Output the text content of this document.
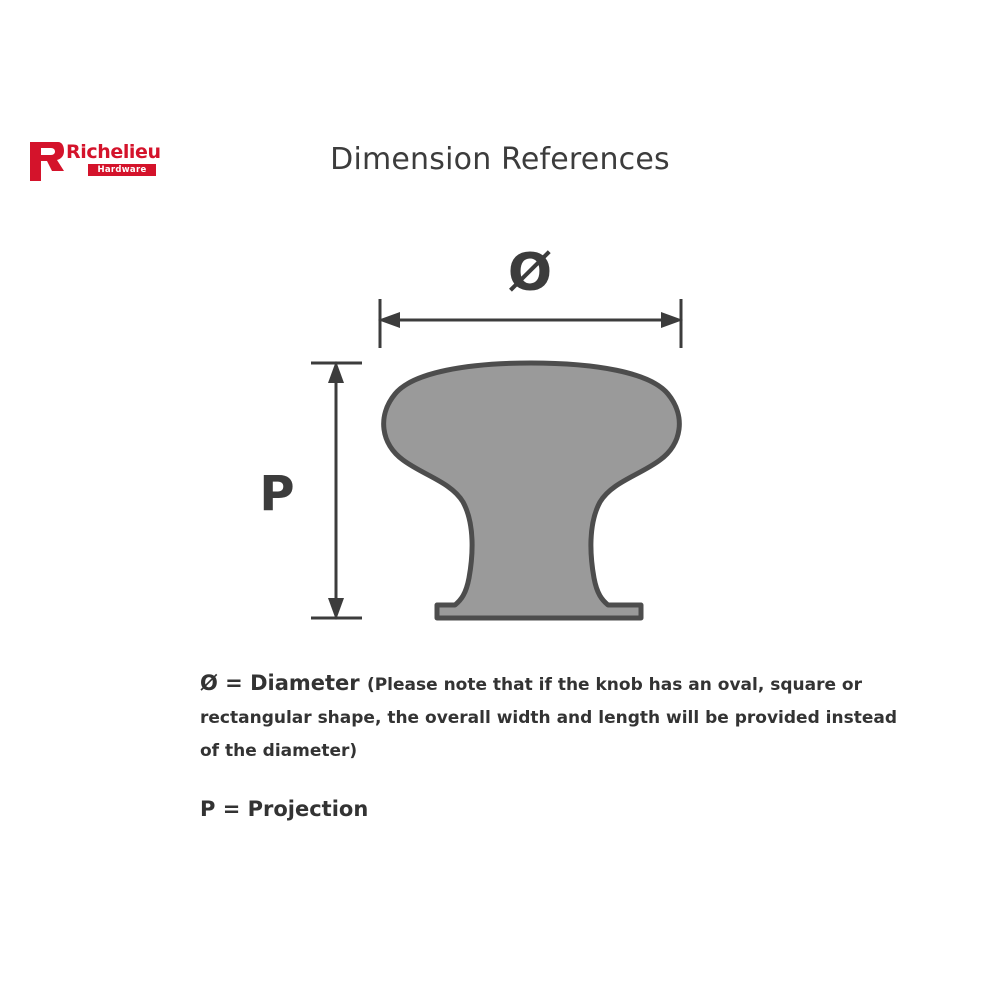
Richelieu
Hardware	Dimension References
Ø
P
Ø = Diameter (Please note that if the knob has an oval, square or rectangular shape, the overall width and length will be provided instead of the diameter)
P = Projection
